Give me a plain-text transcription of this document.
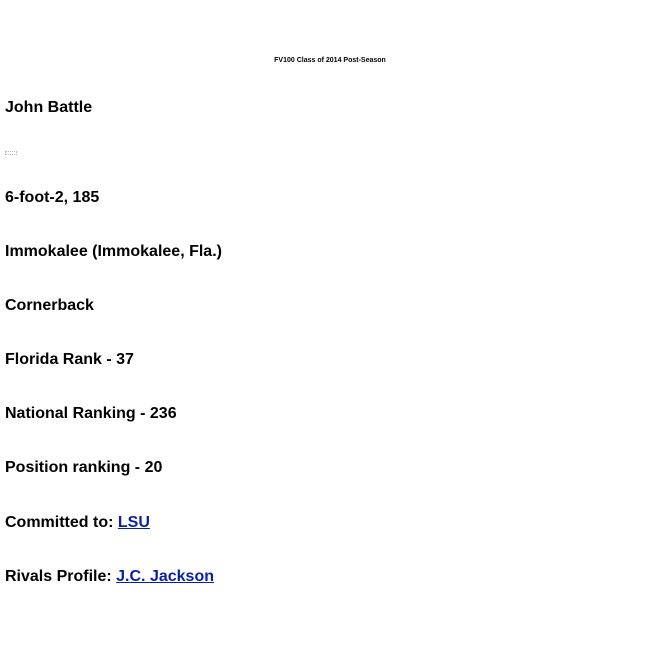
FV100 Class of 2014 Post-Season
John Battle
6-foot-2, 185
Immokalee (Immokalee, Fla.)
Cornerback
Florida Rank - 37
National Ranking - 236
Position ranking - 20
Committed to: LSU
Rivals Profile: J.C. Jackson
